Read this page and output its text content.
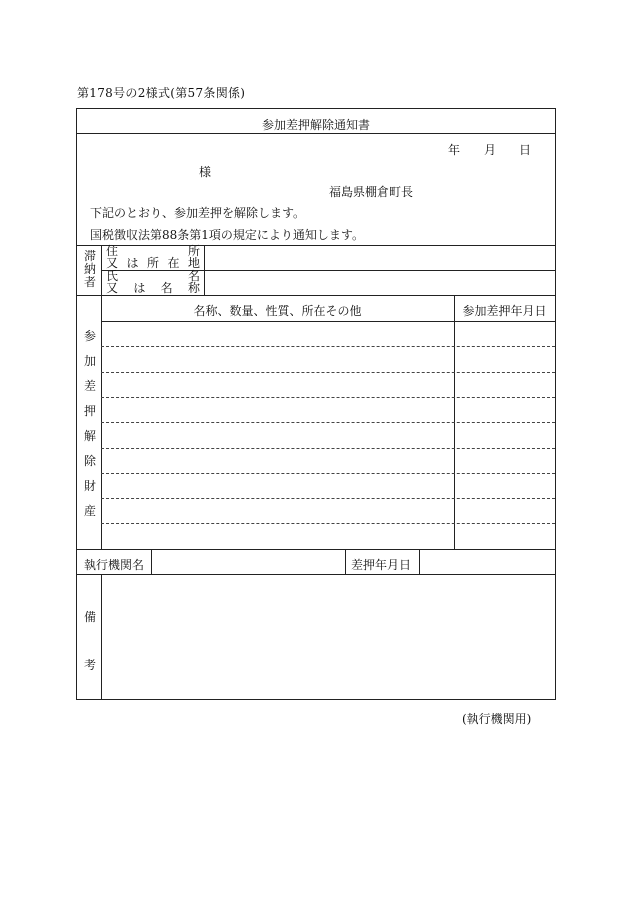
第178号の2様式(第57条関係)
参加差押解除通知書
年 月 日
様
福島県棚倉町長
下記のとおり、参加差押を解除します。
国税徴収法第88条第1項の規定により通知します。
滞
納
者
住	所
又 は 所 在 地
氏	名
又 は 名 称
参
加
差
押
解
除
財
産
名称、数量、性質、所在その他	参加差押年月日
執行機関名	差押年月日
備
考
(執行機関用)
